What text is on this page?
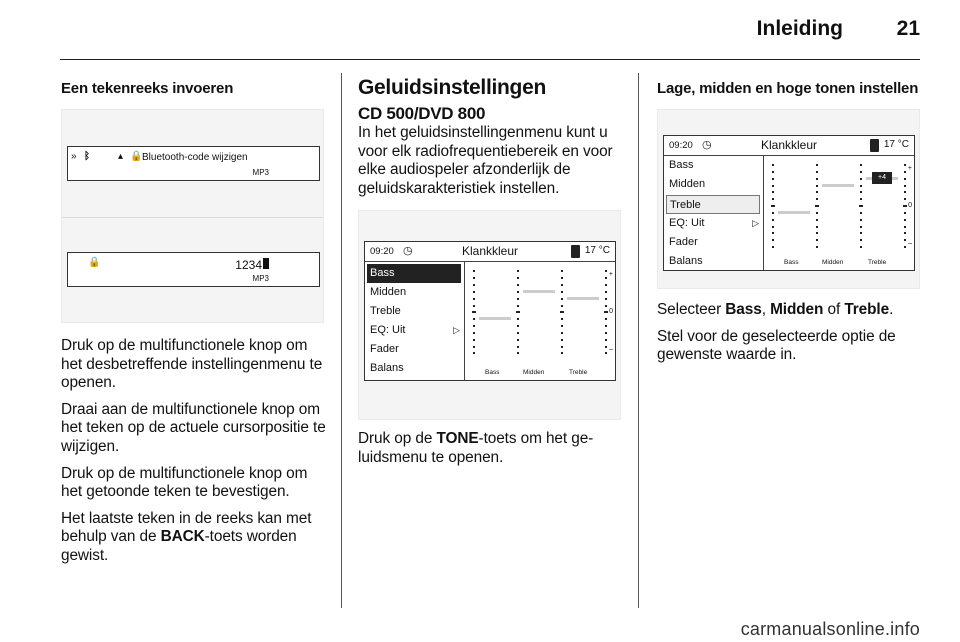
Inleiding	21
Een tekenreeks invoeren
» ᛒ	▴ 🔒 Bluetooth-code wijzigen
MP3
🔒	1234
MP3

Druk op de multifunctionele knop om het desbetreffende instellingenmenu te openen.

Draai aan de multifunctionele knop om het teken op de actuele cursorpositie te wijzigen.

Druk op de multifunctionele knop om het getoonde teken te bevestigen.

Het laatste teken in de reeks kan met behulp van de BACK-toets worden gewist.

Geluidsinstellingen
CD 500/DVD 800

In het geluidsinstellingenmenu kunt u voor elk radiofrequentiebereik en voor elke audiospeler afzonderlijk de geluidskarakteristiek instellen.

09:20 ◷	Klankkleur	17 °C
Bass
Midden
Treble
EQ: Uit	▷
Fader
Balans	Bass	Midden	Treble
+
0
–

Druk op de TONE-toets om het geluidsmenu te openen.

Lage, midden en hoge tonen instellen
09:20 ◷	Klankkleur	17 °C
Bass
Midden
Treble
EQ: Uit	▷
Fader
Balans	Bass	Midden	Treble
+
0
–
+4

Selecteer Bass, Midden of Treble.

Stel voor de geselecteerde optie de gewenste waarde in.

carmanualsonline.info
